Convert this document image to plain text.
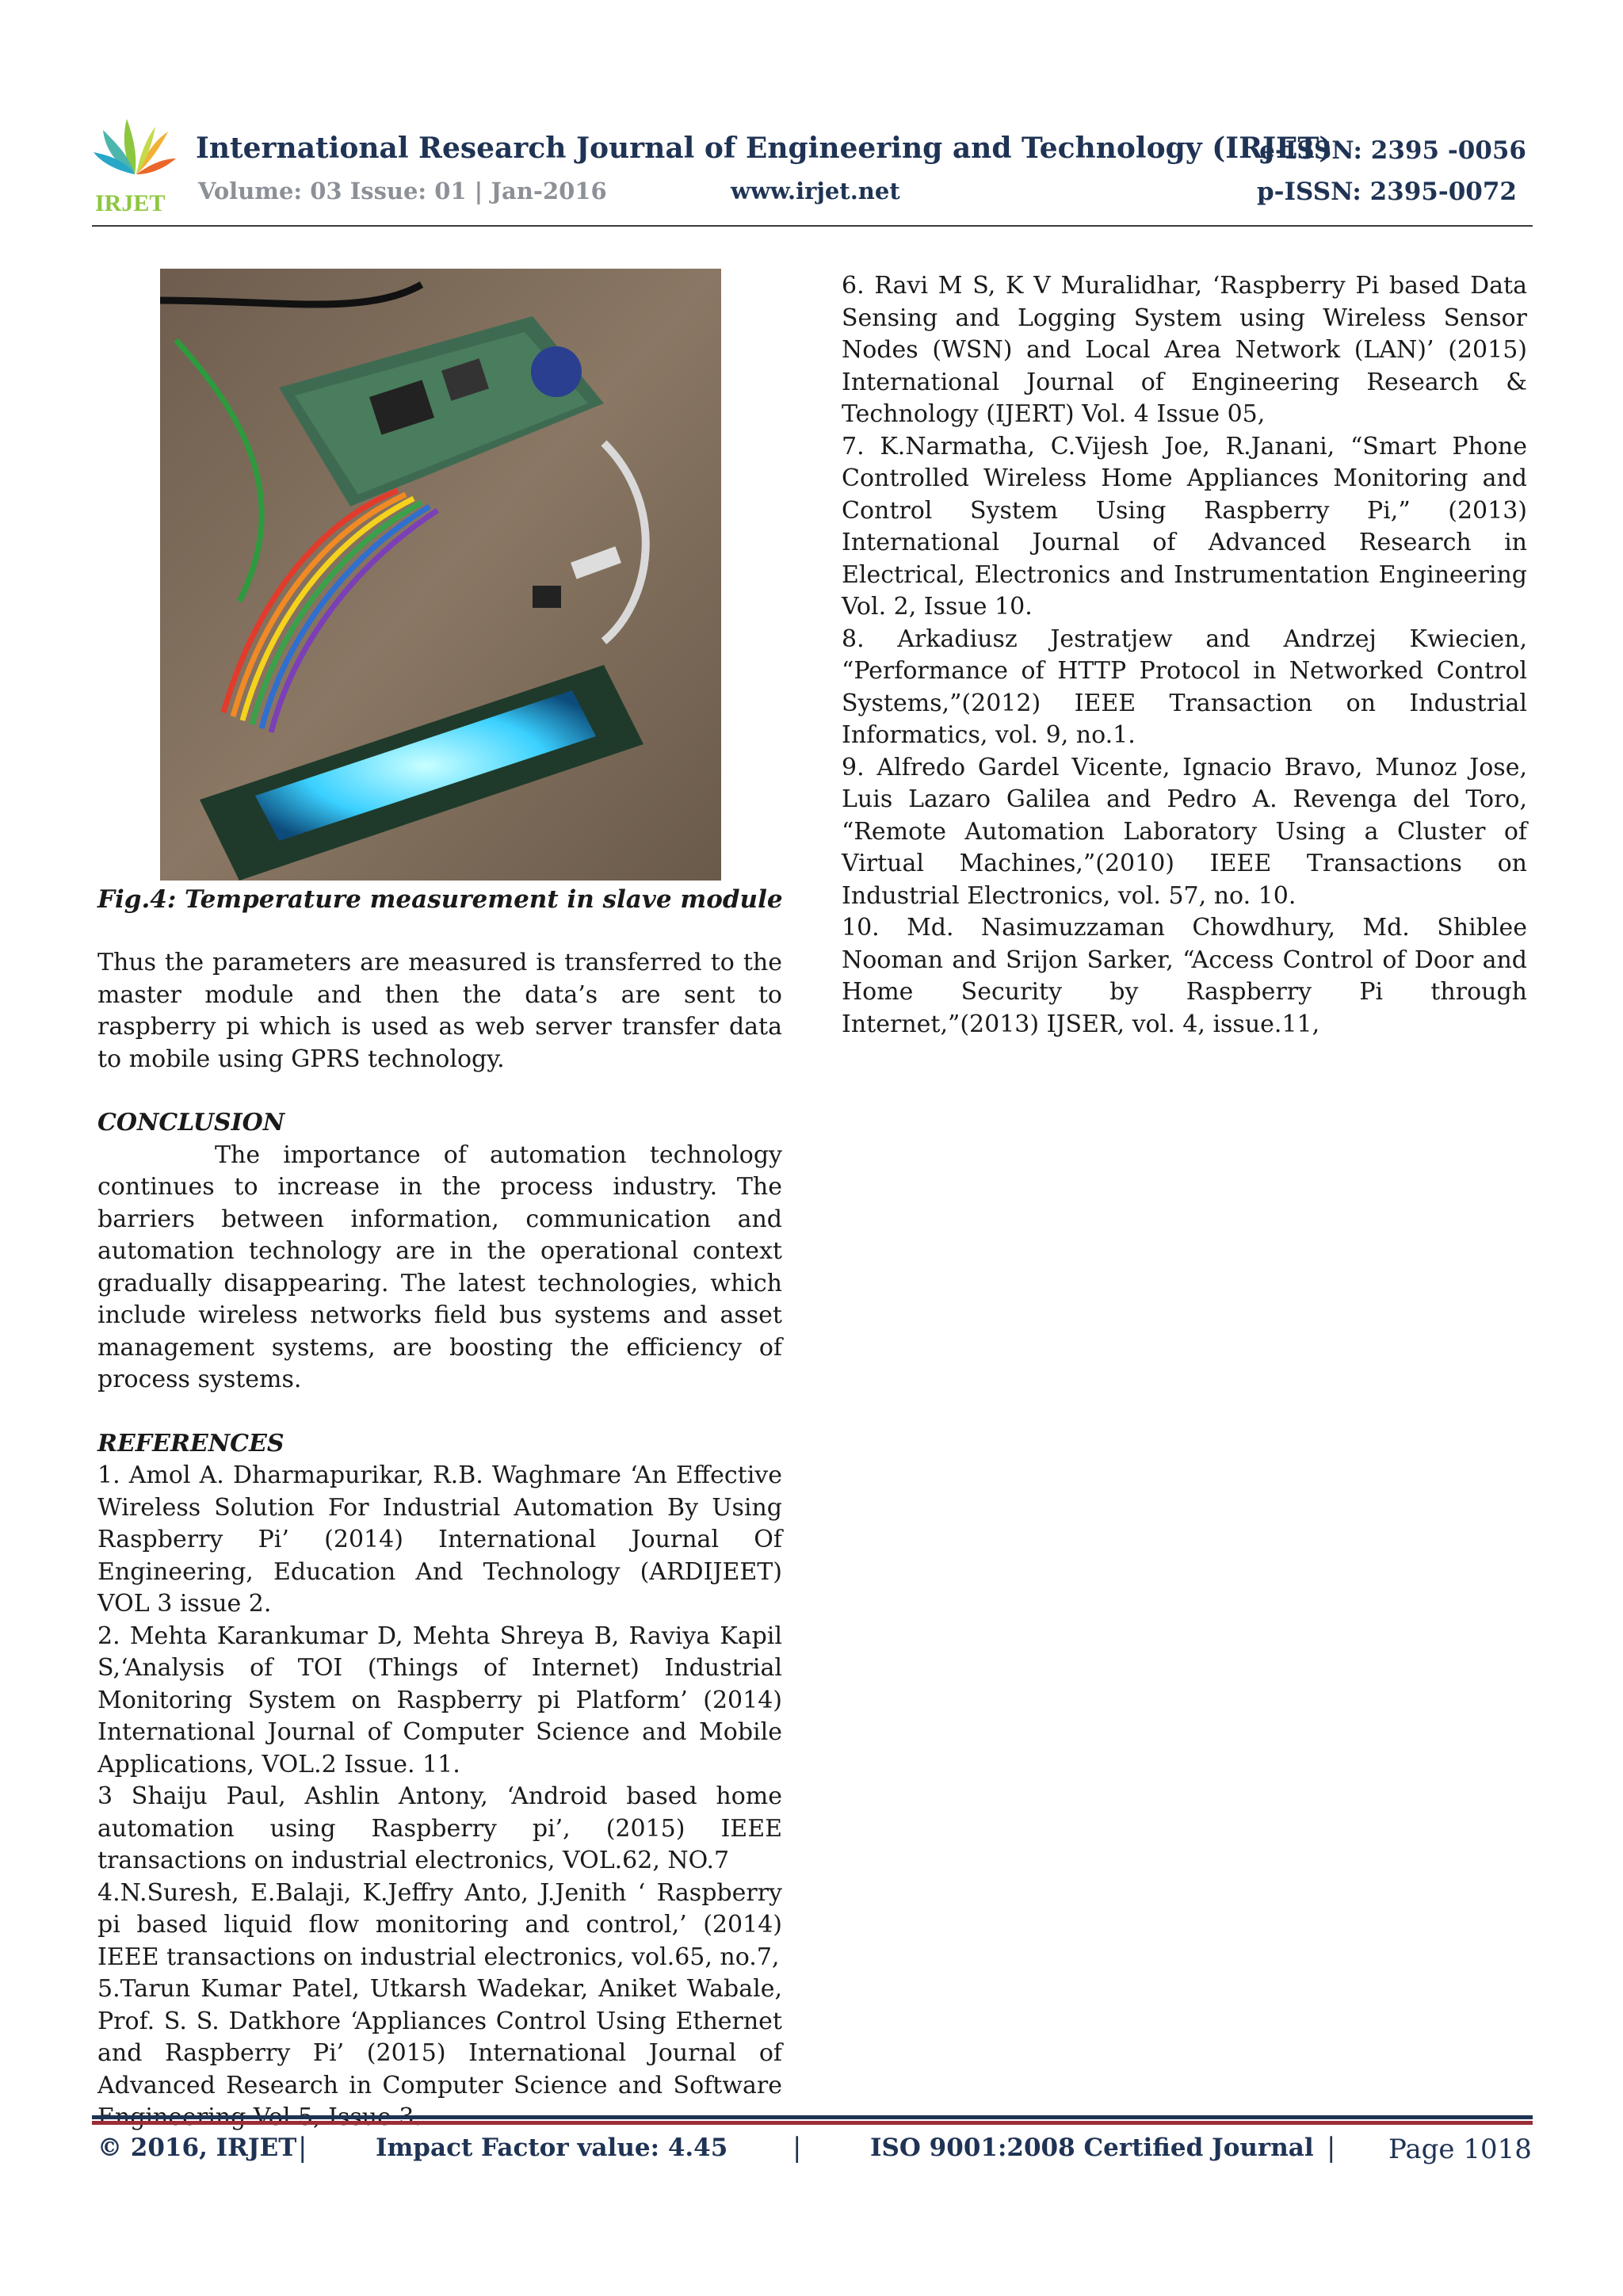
IRJET
International Research Journal of Engineering and Technology (IRJET)
e-ISSN: 2395 -0056
Volume: 03 Issue: 01 | Jan-2016	www.irjet.net	p-ISSN: 2395-0072
Fig.4: Temperature measurement in slave module

Thus the parameters are measured is transferred to the master module and then the data’s are sent to raspberry pi which is used as web server transfer data to mobile using GPRS technology.

CONCLUSION

The importance of automation technology continues to increase in the process industry. The barriers between information, communication and automation technology are in the operational context gradually disappearing. The latest technologies, which include wireless networks field bus systems and asset management systems, are boosting the efficiency of process systems.

REFERENCES

1. Amol A. Dharmapurikar, R.B. Waghmare ‘An Effective Wireless Solution For Industrial Automation By Using Raspberry Pi’ (2014) International Journal Of Engineering, Education And Technology (ARDIJEET) VOL 3 issue 2.

2. Mehta Karankumar D, Mehta Shreya B, Raviya Kapil S,‘Analysis of TOI (Things of Internet) Industrial Monitoring System on Raspberry pi Platform’ (2014) International Journal of Computer Science and Mobile Applications, VOL.2 Issue. 11.

3 Shaiju Paul, Ashlin Antony, ‘Android based home automation using Raspberry pi’, (2015) IEEE transactions on industrial electronics, VOL.62, NO.7

4.N.Suresh, E.Balaji, K.Jeffry Anto, J.Jenith ‘ Raspberry pi based liquid flow monitoring and control,’ (2014) IEEE transactions on industrial electronics, vol.65, no.7,

5.Tarun Kumar Patel, Utkarsh Wadekar, Aniket Wabale, Prof. S. S. Datkhore ‘Appliances Control Using Ethernet and Raspberry Pi’ (2015) International Journal of Advanced Research in Computer Science and Software

6. Ravi M S, K V Muralidhar, ‘Raspberry Pi based Data Sensing and Logging System using Wireless Sensor Nodes (WSN) and Local Area Network (LAN)’ (2015) International Journal of Engineering Research & Technology (IJERT) Vol. 4 Issue 05,

7. K.Narmatha, C.Vijesh Joe, R.Janani, “Smart Phone Controlled Wireless Home Appliances Monitoring and Control System Using Raspberry Pi,” (2013) International Journal of Advanced Research in Electrical, Electronics and Instrumentation Engineering Vol. 2, Issue 10.

8. Arkadiusz Jestratjew and Andrzej Kwiecien, “Performance of HTTP Protocol in Networked Control Systems,”(2012) IEEE Transaction on Industrial Informatics, vol. 9, no.1.

9. Alfredo Gardel Vicente, Ignacio Bravo, Munoz Jose, Luis Lazaro Galilea and Pedro A. Revenga del Toro, “Remote Automation Laboratory Using a Cluster of Virtual Machines,”(2010) IEEE Transactions on Industrial Electronics, vol. 57, no. 10.

10. Md. Nasimuzzaman Chowdhury, Md. Shiblee Nooman and Srijon Sarker, “Access Control of Door and Home Security by Raspberry Pi through Internet,”(2013) IJSER, vol. 4, issue.11,

© 2016, IRJET |	Impact Factor value: 4.45 |	ISO 9001:2008 Certified Journal | Page 1018
